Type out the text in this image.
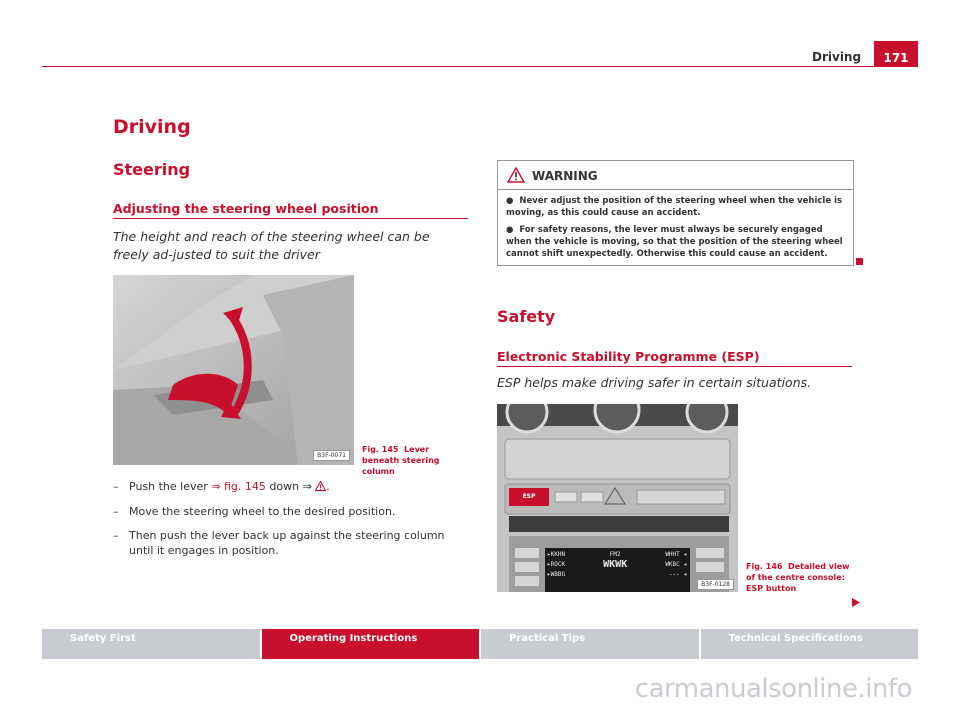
Driving	171
Driving
Steering
Adjusting the steering wheel position
The height and reach of the steering wheel can be freely ad-justed to suit the driver
B3F-0071
Fig. 145 Lever beneath steering column
– Push the lever ⇒ fig. 145 down ⇒ .
– Move the steering wheel to the desired position.
– Then push the lever back up against the steering column until it engages in position.
WARNING

● Never adjust the position of the steering wheel when the vehicle is moving, as this could cause an accident.

● For safety reasons, the lever must always be securely engaged when the vehicle is moving, so that the position of the steering wheel cannot shift unexpectedly. Otherwise this could cause an accident.

Safety
Electronic Stability Programme (ESP)
ESP helps make driving safer in certain situations.
ESP
▸KKHN	FM2	WHHT ◂
▸ROCK	WKWK	WKBC ◂
▸WBBG	--- ◂
B3F-0128
Fig. 146 Detailed view of the centre console: ESP button
Safety First	Operating Instructions	Practical Tips	Technical Specifications
carmanualsonline.info
